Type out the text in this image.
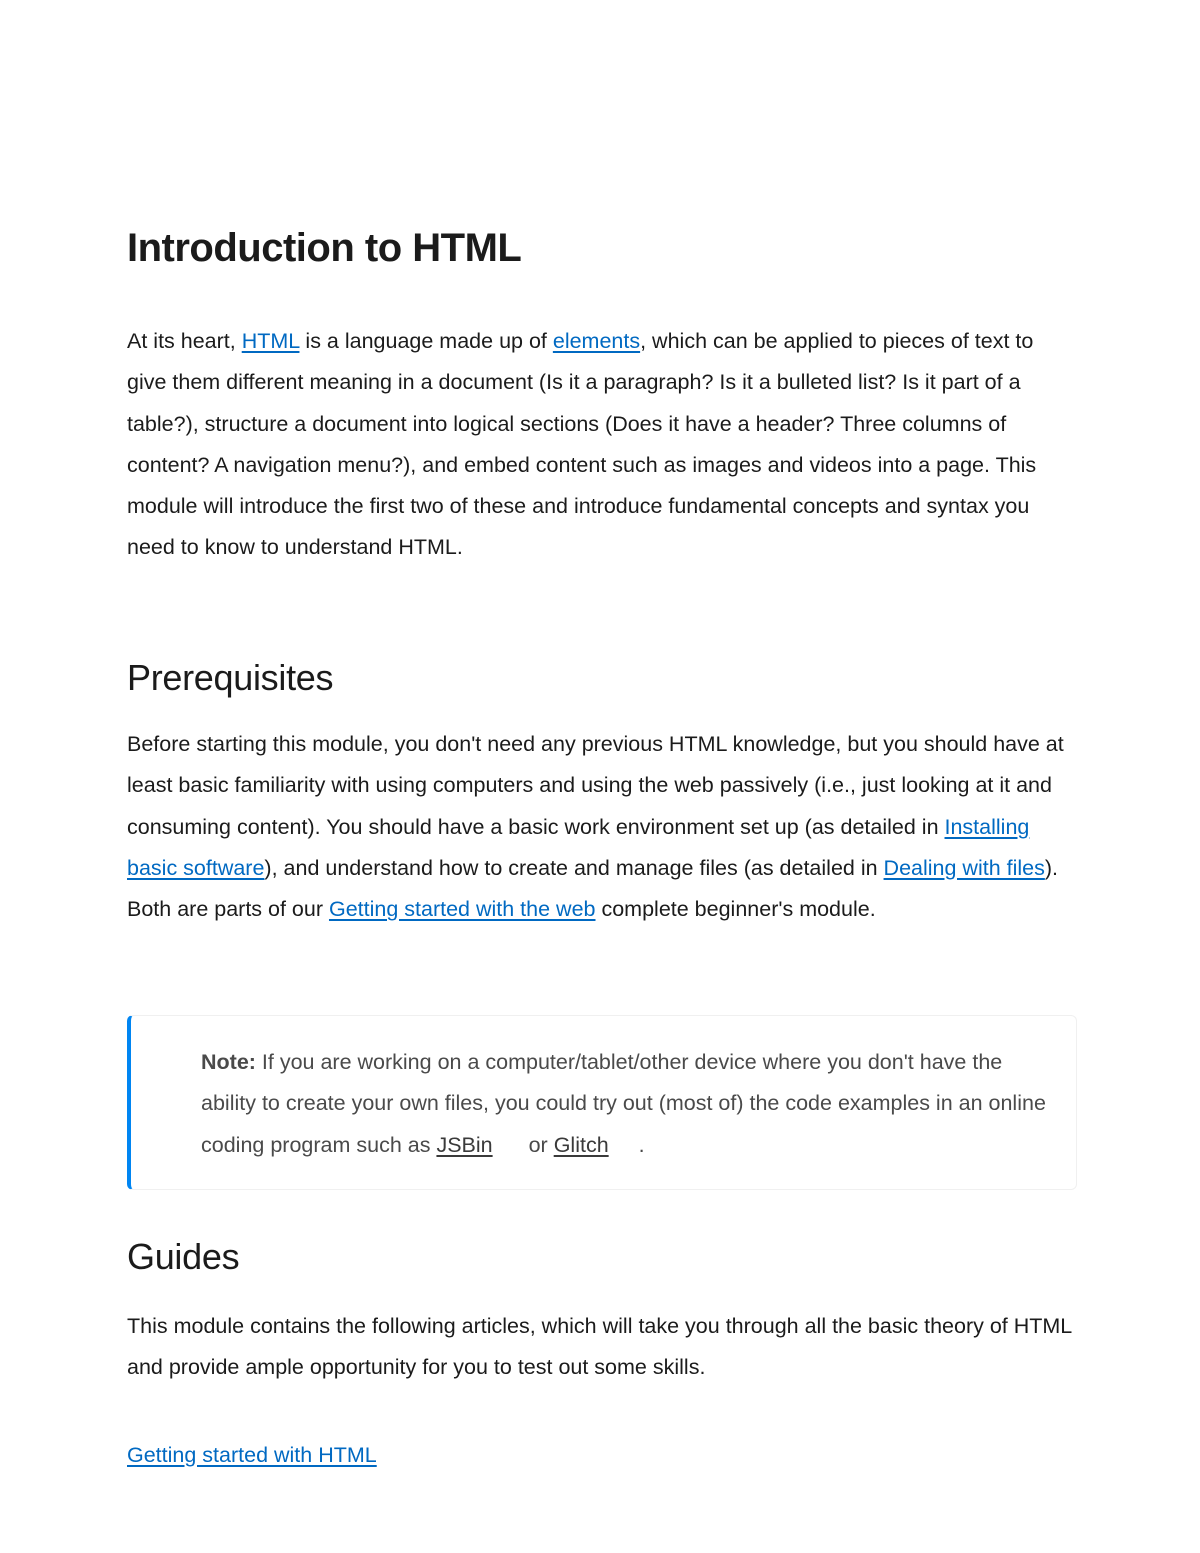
Introduction to HTML

At its heart, HTML is a language made up of elements, which can be applied to pieces of text to give them different meaning in a document (Is it a paragraph? Is it a bulleted list? Is it part of a table?), structure a document into logical sections (Does it have a header? Three columns of content? A navigation menu?), and embed content such as images and videos into a page. This module will introduce the first two of these and introduce fundamental concepts and syntax you need to know to understand HTML.

Prerequisites

Before starting this module, you don't need any previous HTML knowledge, but you should have at least basic familiarity with using computers and using the web passively (i.e., just looking at it and consuming content). You should have a basic work environment set up (as detailed in Installing basic software), and understand how to create and manage files (as detailed in Dealing with files). Both are parts of our Getting started with the web complete beginner's module.

Note: If you are working on a computer/tablet/other device where you don't have the ability to create your own files, you could try out (most of) the code examples in an online coding program such as JSBin or Glitch .

Guides

This module contains the following articles, which will take you through all the basic theory of HTML and provide ample opportunity for you to test out some skills.

Getting started with HTML
